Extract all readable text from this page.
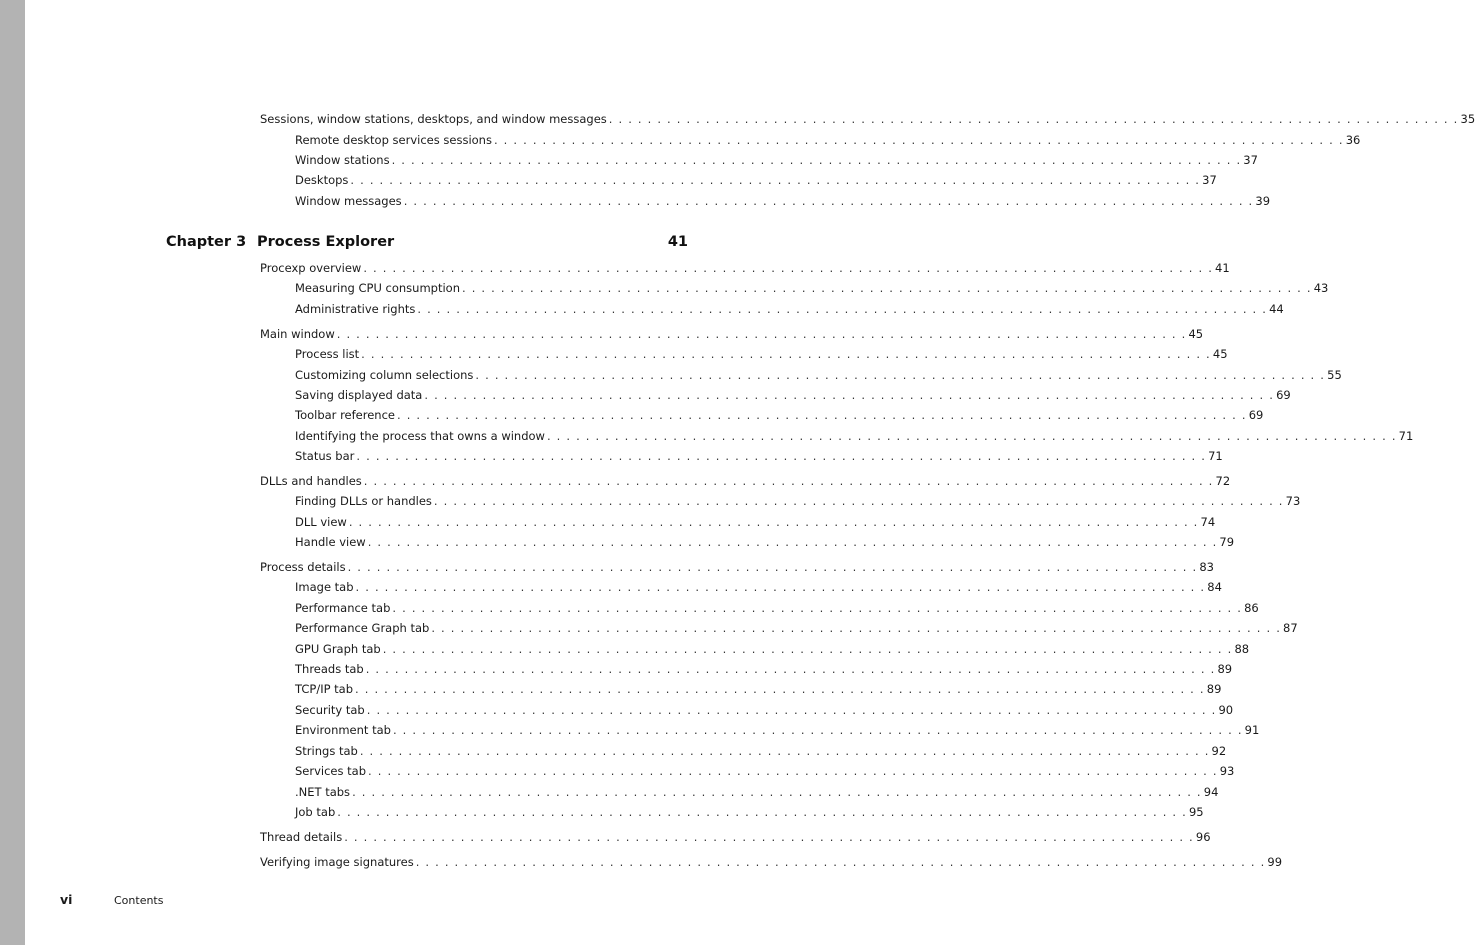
Sessions, window stations, desktops, and window messages . . . . . . . . . . . . . . . . . . . . . . . . . . . . . . . . . . . . . . . . . . . . . . . . . . . . . . . . . . . . . . . . . . . . . . . . . . . . . . . . . . . . . . . . 35
Remote desktop services sessions . . . . . . . . . . . . . . . . . . . . . . . . . . . . . . . . . . . . . . . . . . . . . . . . . . . . . . . . . . . . . . . . . . . . . . . . . . . . . . . . . . . . . . . . 36
Window stations . . . . . . . . . . . . . . . . . . . . . . . . . . . . . . . . . . . . . . . . . . . . . . . . . . . . . . . . . . . . . . . . . . . . . . . . . . . . . . . . . . . . . . . . 37
Desktops . . . . . . . . . . . . . . . . . . . . . . . . . . . . . . . . . . . . . . . . . . . . . . . . . . . . . . . . . . . . . . . . . . . . . . . . . . . . . . . . . . . . . . . . 37
Window messages . . . . . . . . . . . . . . . . . . . . . . . . . . . . . . . . . . . . . . . . . . . . . . . . . . . . . . . . . . . . . . . . . . . . . . . . . . . . . . . . . . . . . . . . 39
Chapter 3 Process Explorer	41
Procexp overview . . . . . . . . . . . . . . . . . . . . . . . . . . . . . . . . . . . . . . . . . . . . . . . . . . . . . . . . . . . . . . . . . . . . . . . . . . . . . . . . . . . . . . . . 41
Measuring CPU consumption . . . . . . . . . . . . . . . . . . . . . . . . . . . . . . . . . . . . . . . . . . . . . . . . . . . . . . . . . . . . . . . . . . . . . . . . . . . . . . . . . . . . . . . . 43
Administrative rights . . . . . . . . . . . . . . . . . . . . . . . . . . . . . . . . . . . . . . . . . . . . . . . . . . . . . . . . . . . . . . . . . . . . . . . . . . . . . . . . . . . . . . . . 44
Main window . . . . . . . . . . . . . . . . . . . . . . . . . . . . . . . . . . . . . . . . . . . . . . . . . . . . . . . . . . . . . . . . . . . . . . . . . . . . . . . . . . . . . . . . 45
Process list . . . . . . . . . . . . . . . . . . . . . . . . . . . . . . . . . . . . . . . . . . . . . . . . . . . . . . . . . . . . . . . . . . . . . . . . . . . . . . . . . . . . . . . . 45
Customizing column selections . . . . . . . . . . . . . . . . . . . . . . . . . . . . . . . . . . . . . . . . . . . . . . . . . . . . . . . . . . . . . . . . . . . . . . . . . . . . . . . . . . . . . . . . 55
Saving displayed data . . . . . . . . . . . . . . . . . . . . . . . . . . . . . . . . . . . . . . . . . . . . . . . . . . . . . . . . . . . . . . . . . . . . . . . . . . . . . . . . . . . . . . . . 69
Toolbar reference . . . . . . . . . . . . . . . . . . . . . . . . . . . . . . . . . . . . . . . . . . . . . . . . . . . . . . . . . . . . . . . . . . . . . . . . . . . . . . . . . . . . . . . . 69
Identifying the process that owns a window . . . . . . . . . . . . . . . . . . . . . . . . . . . . . . . . . . . . . . . . . . . . . . . . . . . . . . . . . . . . . . . . . . . . . . . . . . . . . . . . . . . . . . . . 71
Status bar . . . . . . . . . . . . . . . . . . . . . . . . . . . . . . . . . . . . . . . . . . . . . . . . . . . . . . . . . . . . . . . . . . . . . . . . . . . . . . . . . . . . . . . . 71
DLLs and handles . . . . . . . . . . . . . . . . . . . . . . . . . . . . . . . . . . . . . . . . . . . . . . . . . . . . . . . . . . . . . . . . . . . . . . . . . . . . . . . . . . . . . . . . 72
Finding DLLs or handles . . . . . . . . . . . . . . . . . . . . . . . . . . . . . . . . . . . . . . . . . . . . . . . . . . . . . . . . . . . . . . . . . . . . . . . . . . . . . . . . . . . . . . . . 73
DLL view . . . . . . . . . . . . . . . . . . . . . . . . . . . . . . . . . . . . . . . . . . . . . . . . . . . . . . . . . . . . . . . . . . . . . . . . . . . . . . . . . . . . . . . . 74
Handle view . . . . . . . . . . . . . . . . . . . . . . . . . . . . . . . . . . . . . . . . . . . . . . . . . . . . . . . . . . . . . . . . . . . . . . . . . . . . . . . . . . . . . . . . 79
Process details . . . . . . . . . . . . . . . . . . . . . . . . . . . . . . . . . . . . . . . . . . . . . . . . . . . . . . . . . . . . . . . . . . . . . . . . . . . . . . . . . . . . . . . . 83
Image tab . . . . . . . . . . . . . . . . . . . . . . . . . . . . . . . . . . . . . . . . . . . . . . . . . . . . . . . . . . . . . . . . . . . . . . . . . . . . . . . . . . . . . . . . 84
Performance tab . . . . . . . . . . . . . . . . . . . . . . . . . . . . . . . . . . . . . . . . . . . . . . . . . . . . . . . . . . . . . . . . . . . . . . . . . . . . . . . . . . . . . . . . 86
Performance Graph tab . . . . . . . . . . . . . . . . . . . . . . . . . . . . . . . . . . . . . . . . . . . . . . . . . . . . . . . . . . . . . . . . . . . . . . . . . . . . . . . . . . . . . . . . 87
GPU Graph tab . . . . . . . . . . . . . . . . . . . . . . . . . . . . . . . . . . . . . . . . . . . . . . . . . . . . . . . . . . . . . . . . . . . . . . . . . . . . . . . . . . . . . . . . 88
Threads tab . . . . . . . . . . . . . . . . . . . . . . . . . . . . . . . . . . . . . . . . . . . . . . . . . . . . . . . . . . . . . . . . . . . . . . . . . . . . . . . . . . . . . . . . 89
TCP/IP tab . . . . . . . . . . . . . . . . . . . . . . . . . . . . . . . . . . . . . . . . . . . . . . . . . . . . . . . . . . . . . . . . . . . . . . . . . . . . . . . . . . . . . . . . 89
Security tab . . . . . . . . . . . . . . . . . . . . . . . . . . . . . . . . . . . . . . . . . . . . . . . . . . . . . . . . . . . . . . . . . . . . . . . . . . . . . . . . . . . . . . . . 90
Environment tab . . . . . . . . . . . . . . . . . . . . . . . . . . . . . . . . . . . . . . . . . . . . . . . . . . . . . . . . . . . . . . . . . . . . . . . . . . . . . . . . . . . . . . . . 91
Strings tab . . . . . . . . . . . . . . . . . . . . . . . . . . . . . . . . . . . . . . . . . . . . . . . . . . . . . . . . . . . . . . . . . . . . . . . . . . . . . . . . . . . . . . . . 92
Services tab . . . . . . . . . . . . . . . . . . . . . . . . . . . . . . . . . . . . . . . . . . . . . . . . . . . . . . . . . . . . . . . . . . . . . . . . . . . . . . . . . . . . . . . . 93
.NET tabs . . . . . . . . . . . . . . . . . . . . . . . . . . . . . . . . . . . . . . . . . . . . . . . . . . . . . . . . . . . . . . . . . . . . . . . . . . . . . . . . . . . . . . . . 94
Job tab . . . . . . . . . . . . . . . . . . . . . . . . . . . . . . . . . . . . . . . . . . . . . . . . . . . . . . . . . . . . . . . . . . . . . . . . . . . . . . . . . . . . . . . . 95
Thread details . . . . . . . . . . . . . . . . . . . . . . . . . . . . . . . . . . . . . . . . . . . . . . . . . . . . . . . . . . . . . . . . . . . . . . . . . . . . . . . . . . . . . . . . 96
Verifying image signatures . . . . . . . . . . . . . . . . . . . . . . . . . . . . . . . . . . . . . . . . . . . . . . . . . . . . . . . . . . . . . . . . . . . . . . . . . . . . . . . . . . . . . . . . 99
vi	Contents
